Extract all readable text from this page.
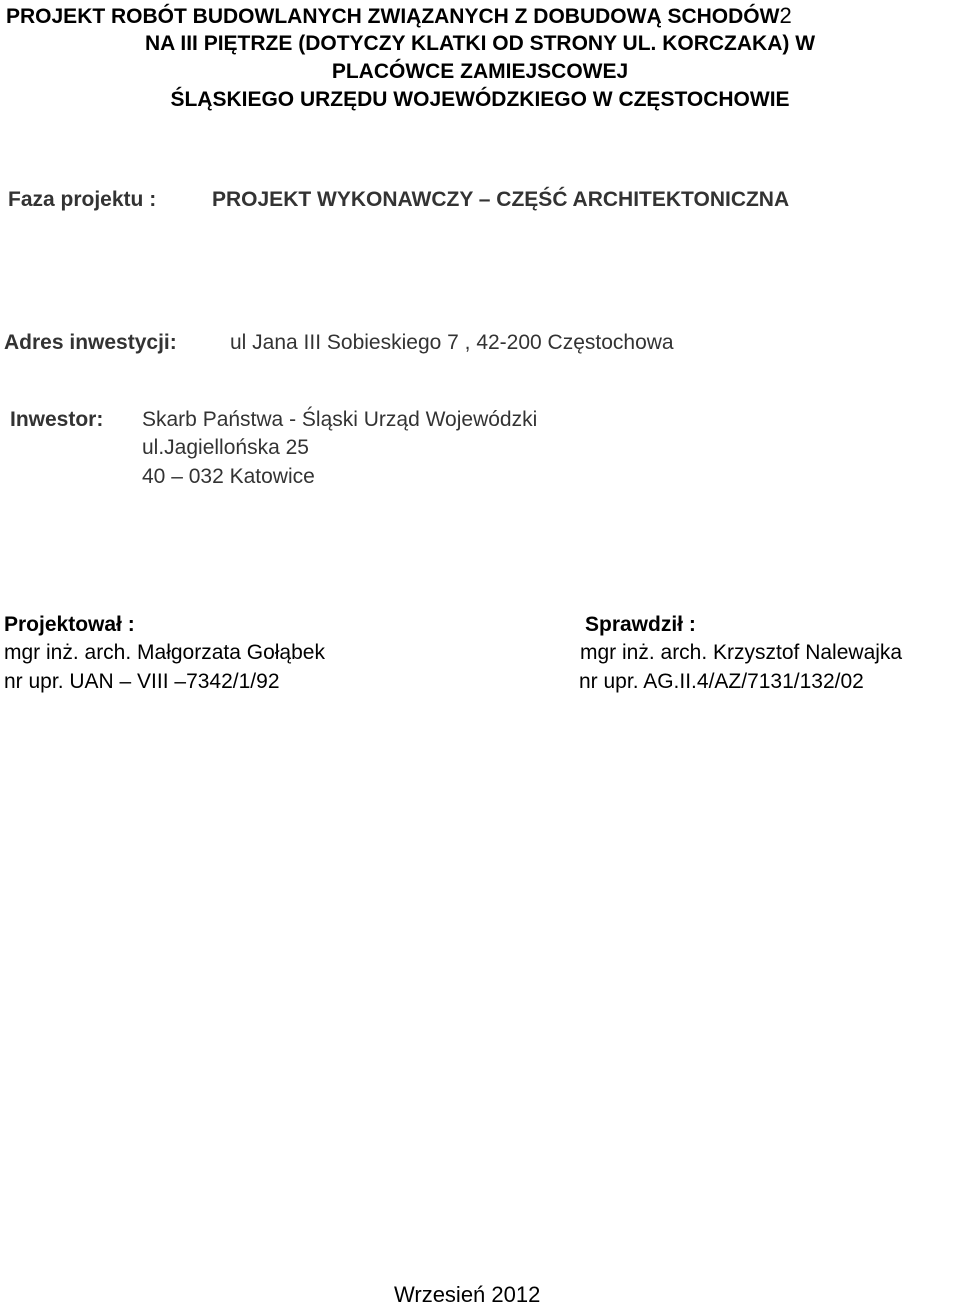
PROJEKT ROBÓT BUDOWLANYCH ZWIĄZANYCH Z DOBUDOWĄ SCHODÓW2
NA III PIĘTRZE (DOTYCZY KLATKI OD STRONY UL. KORCZAKA) W
PLACÓWCE ZAMIEJSCOWEJ
ŚLĄSKIEGO URZĘDU WOJEWÓDZKIEGO W CZĘSTOCHOWIE
Faza projektu :	PROJEKT WYKONAWCZY – CZĘŚĆ ARCHITEKTONICZNA
Adres inwestycji:	ul Jana III Sobieskiego 7 , 42-200 Częstochowa
Inwestor: Skarb Państwa - Śląski Urząd Wojewódzki
ul.Jagiellońska 25
40 – 032 Katowice
Projektował :
mgr inż. arch. Małgorzata Gołąbek
nr upr. UAN – VIII –7342/1/92
Sprawdził :
mgr inż. arch. Krzysztof Nalewajka
nr upr. AG.II.4/AZ/7131/132/02
Wrzesień 2012
